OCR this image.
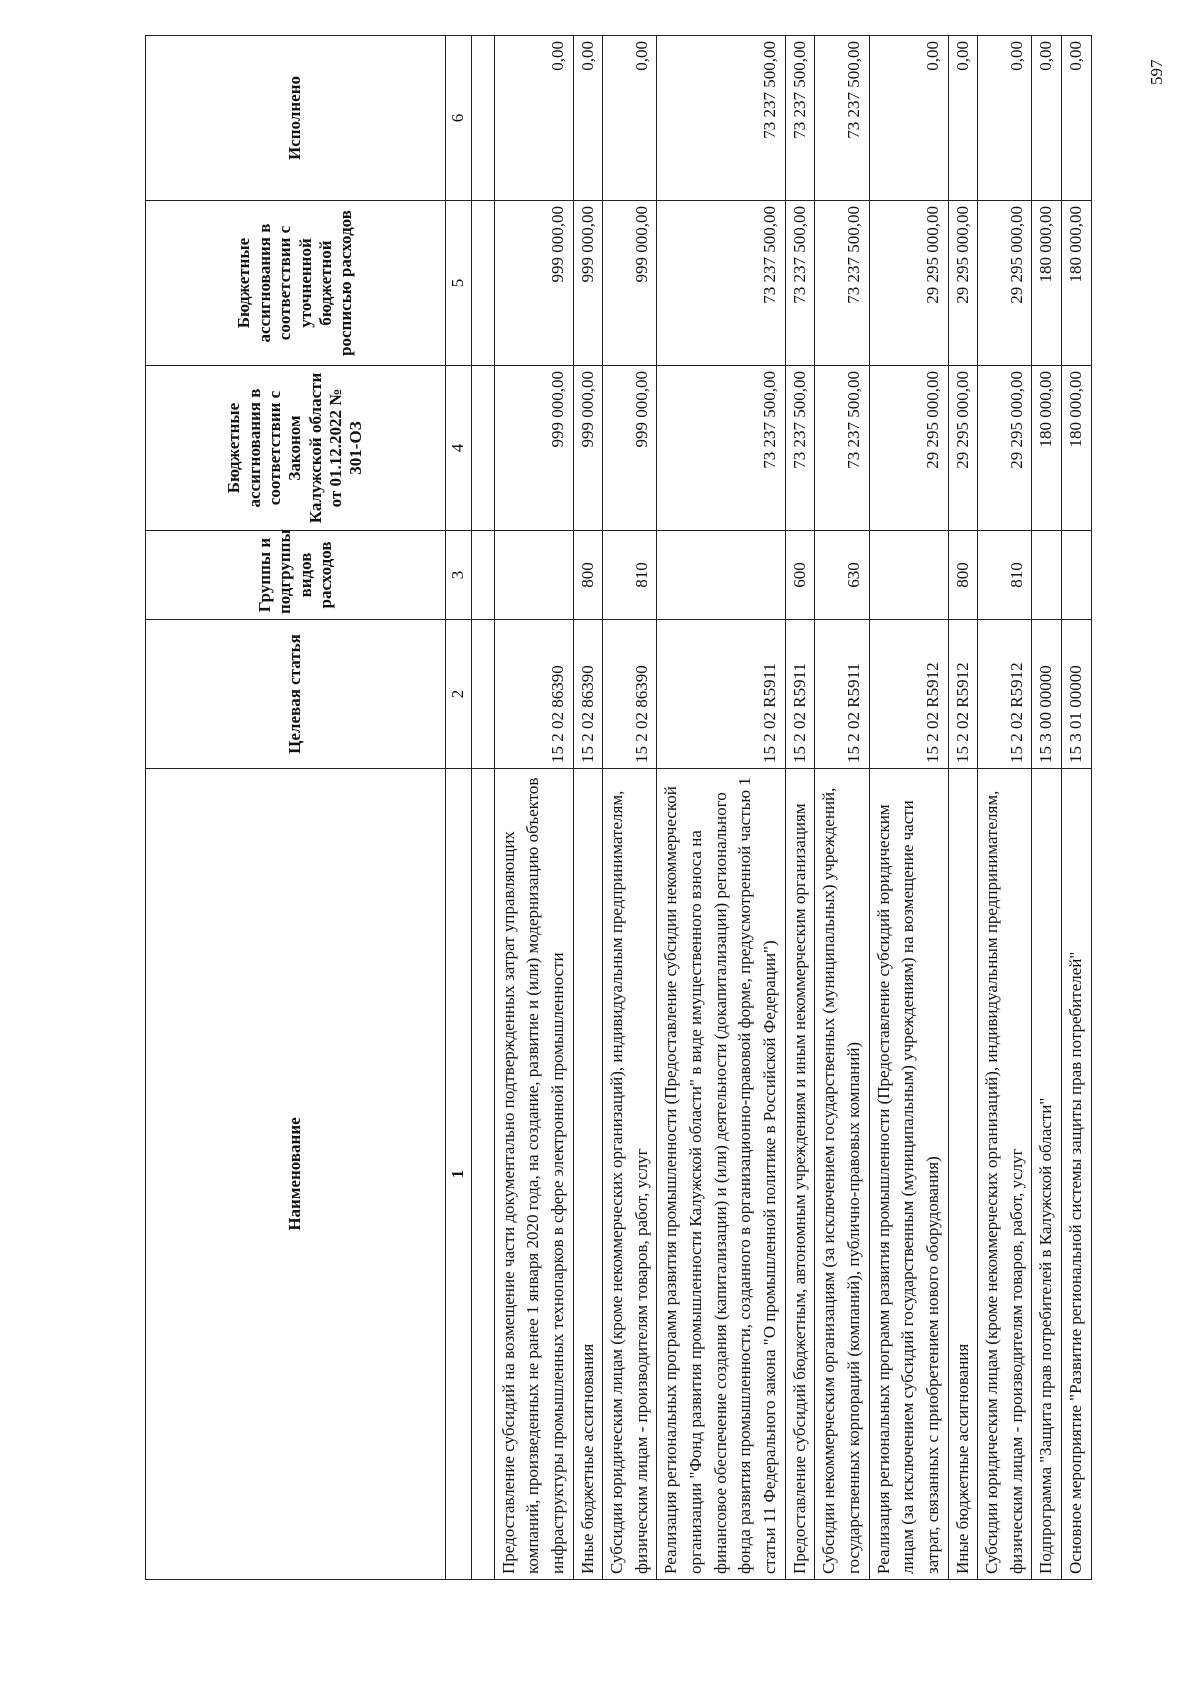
597
Наименование	Целевая статья	Группы и подгруппы видов расходов	Бюджетные ассигнования в соответствии с Законом Калужской области от 01.12.2022 № 301-ОЗ	Бюджетные ассигнования в соответствии с уточненной бюджетной росписью расходов	Исполнено
1	2	3	4	5	6

Предоставление субсидий на возмещение части документально подтвержденных затрат управляющих компаний, произведенных не ранее 1 января 2020 года, на создание, развитие и (или) модернизацию объектов инфраструктуры промышленных технопарков в сфере электронной промышленности	15 2 02 86390		999 000,00	999 000,00	0,00
Иные бюджетные ассигнования	15 2 02 86390	800	999 000,00	999 000,00	0,00
Субсидии юридическим лицам (кроме некоммерческих организаций), индивидуальным предпринимателям, физическим лицам - производителям товаров, работ, услуг	15 2 02 86390	810	999 000,00	999 000,00	0,00
Реализация региональных программ развития промышленности (Предоставление субсидии некоммерческой организации "Фонд развития промышленности Калужской области" в виде имущественного взноса на финансовое обеспечение создания (капитализации) и (или) деятельности (докапитализации) регионального фонда развития промышленности, созданного в организационно-правовой форме, предусмотренной частью 1 статьи 11 Федерального закона "О промышленной политике в Российской Федерации")	15 2 02 R5911		73 237 500,00	73 237 500,00	73 237 500,00
Предоставление субсидий бюджетным, автономным учреждениям и иным некоммерческим организациям	15 2 02 R5911	600	73 237 500,00	73 237 500,00	73 237 500,00
Субсидии некоммерческим организациям (за исключением государственных (муниципальных) учреждений, государственных корпораций (компаний), публично-правовых компаний)	15 2 02 R5911	630	73 237 500,00	73 237 500,00	73 237 500,00
Реализация региональных программ развития промышленности (Предоставление субсидий юридическим лицам (за исключением субсидий государственным (муниципальным) учреждениям) на возмещение части затрат, связанных с приобретением нового оборудования)	15 2 02 R5912		29 295 000,00	29 295 000,00	0,00
Иные бюджетные ассигнования	15 2 02 R5912	800	29 295 000,00	29 295 000,00	0,00
Субсидии юридическим лицам (кроме некоммерческих организаций), индивидуальным предпринимателям, физическим лицам - производителям товаров, работ, услуг	15 2 02 R5912	810	29 295 000,00	29 295 000,00	0,00
Подпрограмма "Защита прав потребителей в Калужской области"	15 3 00 00000		180 000,00	180 000,00	0,00
Основное мероприятие "Развитие региональной системы защиты прав потребителей"	15 3 01 00000		180 000,00	180 000,00	0,00
